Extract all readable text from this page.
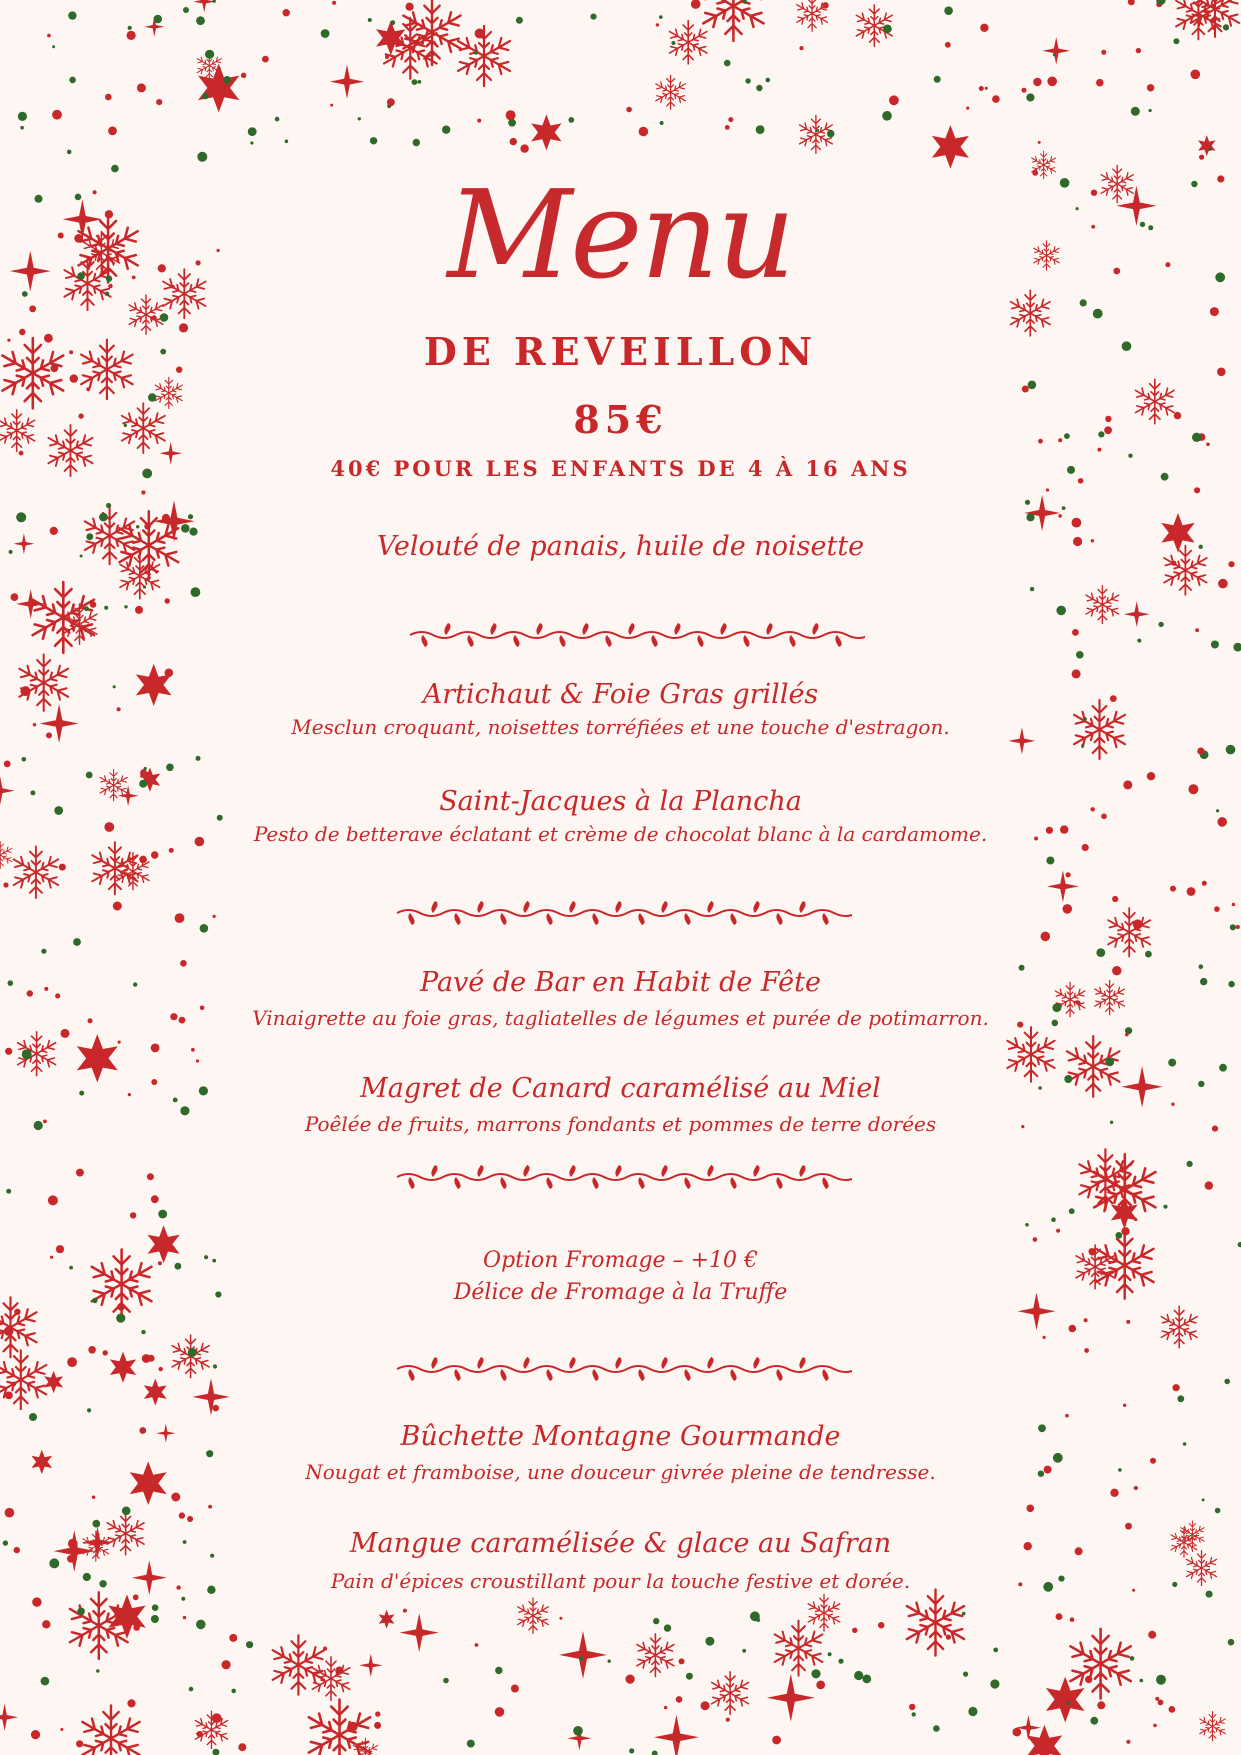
Menu
DE REVEILLON
85€
40€ POUR LES ENFANTS DE 4 À 16 ANS
Velouté de panais, huile de noisette
Artichaut & Foie Gras grillés
Mesclun croquant, noisettes torréfiées et une touche d'estragon.
Saint-Jacques à la Plancha
Pesto de betterave éclatant et crème de chocolat blanc à la cardamome.
Pavé de Bar en Habit de Fête
Vinaigrette au foie gras, tagliatelles de légumes et purée de potimarron.
Magret de Canard caramélisé au Miel
Poêlée de fruits, marrons fondants et pommes de terre dorées
Option Fromage – +10 €
Délice de Fromage à la Truffe
Bûchette Montagne Gourmande
Nougat et framboise, une douceur givrée pleine de tendresse.
Mangue caramélisée & glace au Safran
Pain d'épices croustillant pour la touche festive et dorée.
